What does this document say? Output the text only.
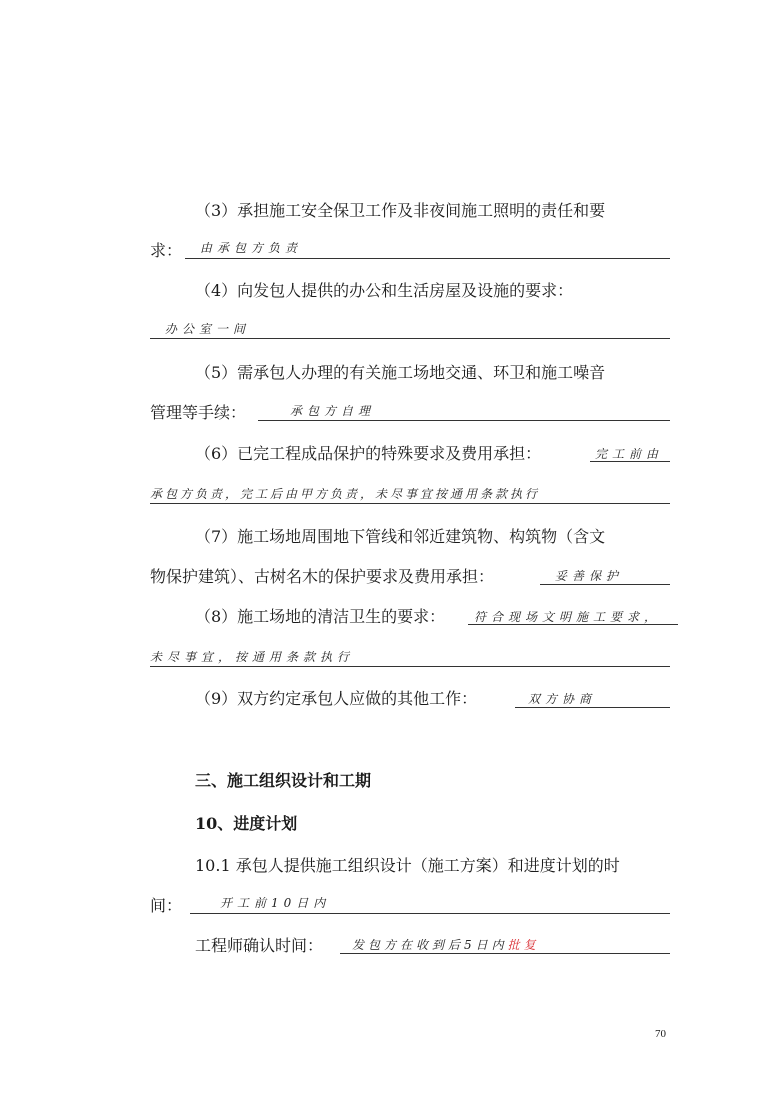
（3）承担施工安全保卫工作及非夜间施工照明的责任和要
求： 由承包方负责
（4）向发包人提供的办公和生活房屋及设施的要求：
办公室一间
（5）需承包人办理的有关施工场地交通、环卫和施工噪音
管理等手续：	承包方自理
（6）已完工程成品保护的特殊要求及费用承担：	完工前由
承包方负责，完工后由甲方负责，未尽事宜按通用条款执行
（7）施工场地周围地下管线和邻近建筑物、构筑物（含文
物保护建筑）、古树名木的保护要求及费用承担：	妥善保护
（8）施工场地的清洁卫生的要求： 符合现场文明施工要求，
未尽事宜，按通用条款执行
（9）双方约定承包人应做的其他工作：	双方协商
三、施工组织设计和工期
10、进度计划
10.1 承包人提供施工组织设计（施工方案）和进度计划的时
间：	开工前10日内
工程师确认时间： 发包方在收到后5日内批复
70
